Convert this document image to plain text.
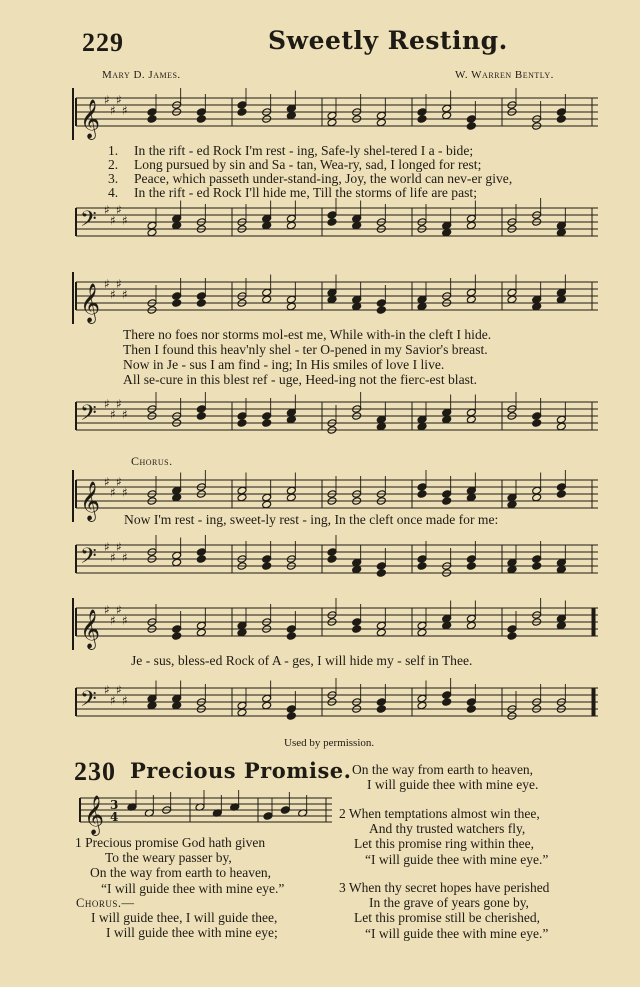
229	Sweetly Resting.
Mary D. James.	W. Warren Bently.
𝄞 ♯
♯
♯
♯
𝄢 ♯
♯
♯
♯
1. In the rift - ed Rock I'm rest - ing, Safe-ly shel-tered I a - bide;
2. Long pursued by sin and Sa - tan, Wea-ry, sad, I longed for rest;
3. Peace, which passeth under-stand-ing, Joy, the world can nev-er give,
4. In the rift - ed Rock I'll hide me, Till the storms of life are past;
𝄞 ♯
♯
♯
♯
𝄢 ♯
♯
♯
♯
There no foes nor storms mol-est me, While with-in the cleft I hide.
Then I found this heav'nly shel - ter O-pened in my Savior's breast.
Now in Je - sus I am find - ing; In His smiles of love I live.
All se-cure in this blest ref - uge, Heed-ing not the fierc-est blast.
Chorus.
𝄞 ♯
♯
♯
♯
Now I'm rest - ing, sweet-ly rest - ing, In the cleft once made for me:
𝄢 ♯
♯
♯
♯
𝄞 ♯
♯
♯
♯
Je - sus, bless-ed Rock of A - ges, I will hide my - self in Thee.
𝄢 ♯
♯
♯
♯
Used by permission.
230 Precious Promise.
𝄞 3
4
1 Precious promise God hath given
To the weary passer by,
On the way from earth to heaven,
“I will guide thee with mine eye.”
Chorus.—
I will guide thee, I will guide thee,
I will guide thee with mine eye;
On the way from earth to heaven,
I will guide thee with mine eye.
2 When temptations almost win thee,
And thy trusted watchers fly,
Let this promise ring within thee,
“I will guide thee with mine eye.”
3 When thy secret hopes have perished
In the grave of years gone by,
Let this promise still be cherished,
“I will guide thee with mine eye.”
